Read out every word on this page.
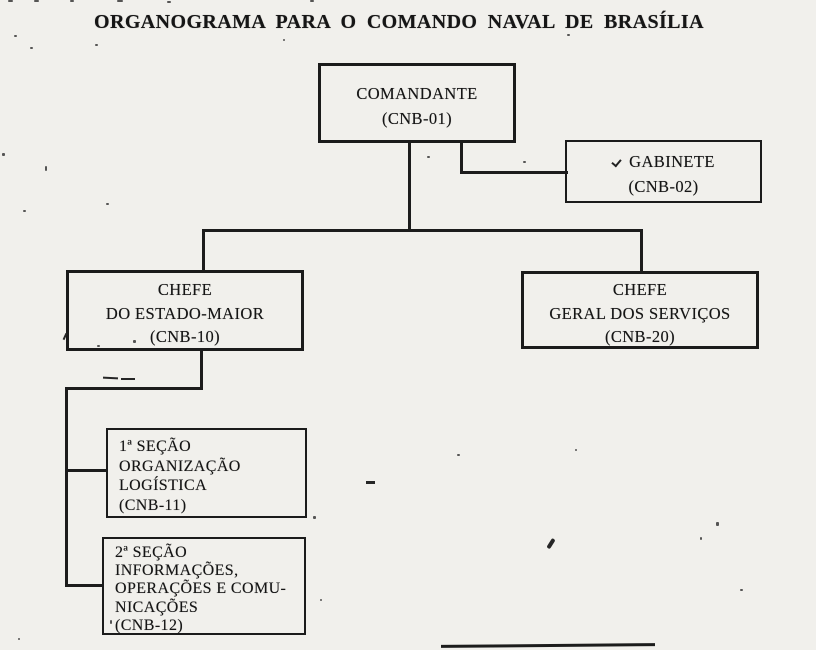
ORGANOGRAMA PARA O COMANDO NAVAL DE BRASÍLIA
COMANDANTE
(CNB-01)
GABINETE
(CNB-02)
CHEFE
DO ESTADO-MAIOR
(CNB-10)
CHEFE
GERAL DOS SERVIÇOS
(CNB-20)
1ª SEÇÃO
ORGANIZAÇÃO
LOGÍSTICA
(CNB-11)
2ª SEÇÃO
INFORMAÇÕES,
OPERAÇÕES E COMU-
NICAÇÕES
(CNB-12)
